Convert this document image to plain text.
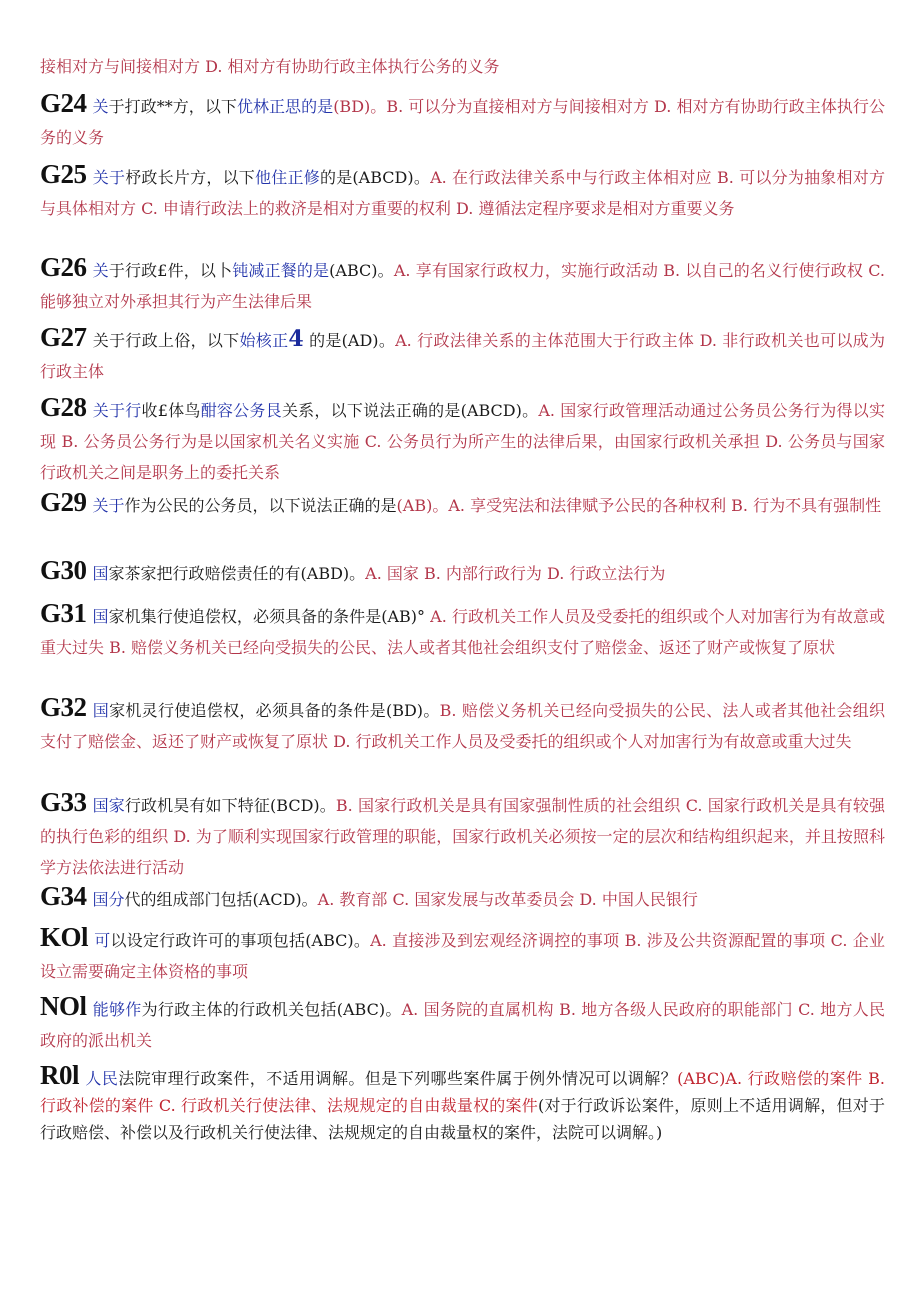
接相对方与间接相对方 D. 相对方有协助行政主体执行公务的义务
G24 关于打政**方，以下优林正思的是(BD)。B. 可以分为直接相对方与间接相对方 D. 相对方有协助行政主体执行公务的义务
G25 关于杼政长片方，以下他住正修的是(ABCD)。A. 在行政法律关系中与行政主体相对应 B. 可以分为抽象相对方与具体相对方 C. 申请行政法上的救济是相对方重要的权利 D. 遵循法定程序要求是相对方重要义务
G26 关于行政£件，以卜钝减正餐的是(ABC)。A. 享有国家行政权力，实施行政活动 B. 以自己的名义行使行政权 C. 能够独立对外承担其行为产生法律后果
G27 关于行政上俗，以下始核正4 的是(AD)。A. 行政法律关系的主体范围大于行政主体 D. 非行政机关也可以成为行政主体
G28 关于行收£体鸟酣容公务艮关系，以下说法正确的是(ABCD)。A. 国家行政管理活动通过公务员公务行为得以实现 B. 公务员公务行为是以国家机关名义实施 C. 公务员行为所产生的法律后果，由国家行政机关承担 D. 公务员与国家行政机关之间是职务上的委托关系
G29 关于作为公民的公务员，以下说法正确的是(AB)。A. 享受宪法和法律赋予公民的各种权利 B. 行为不具有强制性
G30 国家茶家把行政赔偿责任的有(ABD)。A. 国家 B. 内部行政行为 D. 行政立法行为
G31 国家机集行使追偿权，必须具备的条件是(AB)° A. 行政机关工作人员及受委托的组织或个人对加害行为有故意或重大过失 B. 赔偿义务机关已经向受损失的公民、法人或者其他社会组织支付了赔偿金、返还了财产或恢复了原状
G32 国家机灵行使追偿权，必须具备的条件是(BD)。B. 赔偿义务机关已经向受损失的公民、法人或者其他社会组织支付了赔偿金、返还了财产或恢复了原状 D. 行政机关工作人员及受委托的组织或个人对加害行为有故意或重大过失
G33 国家行政机昊有如下特征(BCD)。B. 国家行政机关是具有国家强制性质的社会组织 C. 国家行政机关是具有较强的执行色彩的组织 D. 为了顺利实现国家行政管理的职能，国家行政机关必须按一定的层次和结构组织起来，并且按照科学方法依法进行活动
G34 国分代的组成部门包括(ACD)。A. 教育部 C. 国家发展与改革委员会 D. 中国人民银行
KOl 可以设定行政许可的事项包括(ABC)。A. 直接涉及到宏观经济调控的事项 B. 涉及公共资源配置的事项 C. 企业设立需要确定主体资格的事项
NOl 能够作为行政主体的行政机关包括(ABC)。A. 国务院的直属机构 B. 地方各级人民政府的职能部门 C. 地方人民政府的派出机关
R0l 人民法院审理行政案件，不适用调解。但是下列哪些案件属于例外情况可以调解？(ABC)A. 行政赔偿的案件 B. 行政补偿的案件 C. 行政机关行使法律、法规规定的自由裁量权的案件(对于行政诉讼案件，原则上不适用调解，但对于行政赔偿、补偿以及行政机关行使法律、法规规定的自由裁量权的案件，法院可以调解。)
